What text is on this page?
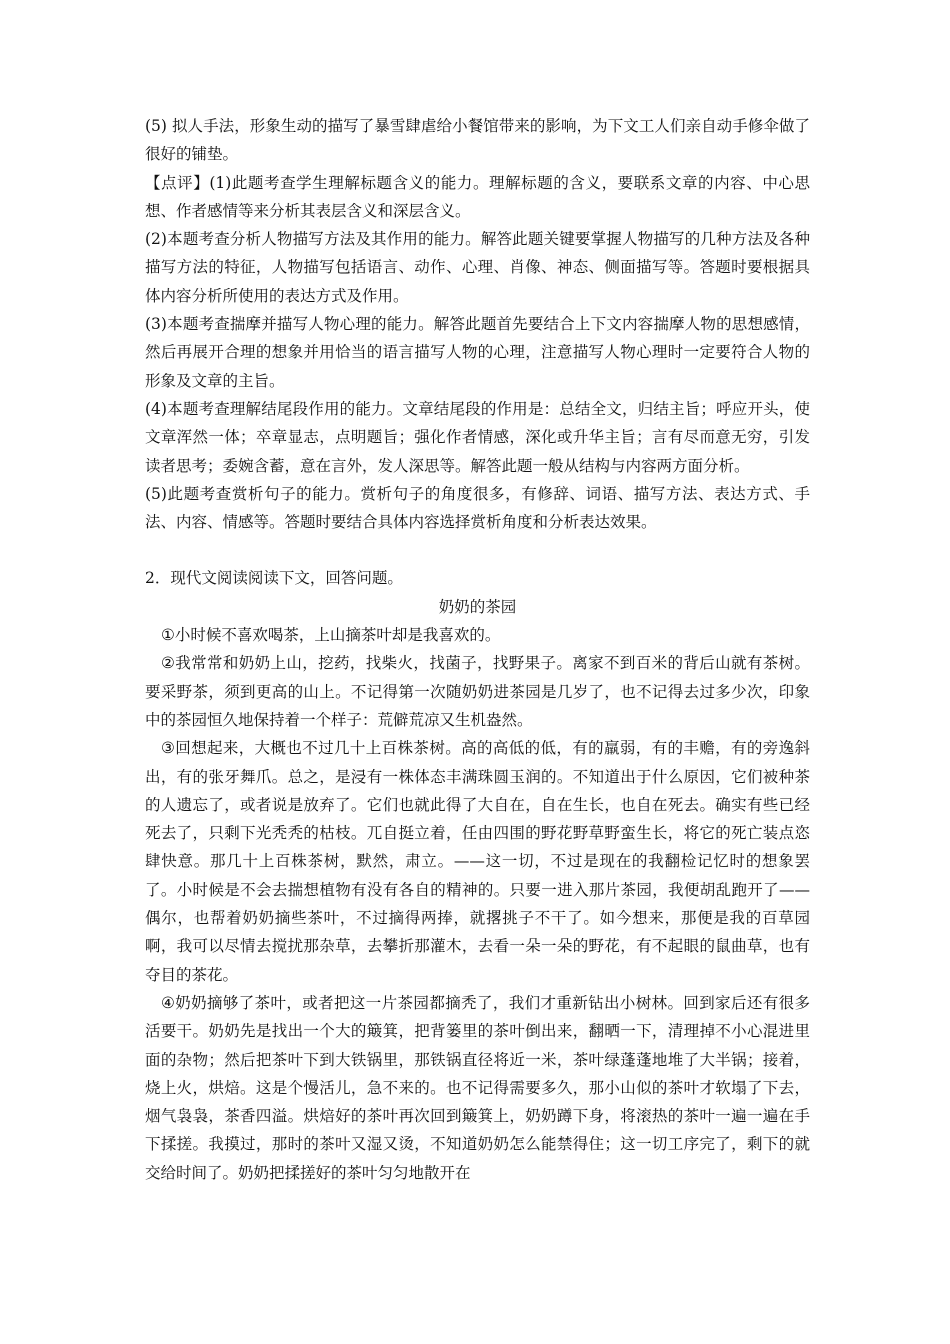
(5) 拟人手法，形象生动的描写了暴雪肆虐给小餐馆带来的影响，为下文工人们亲自动手修伞做了很好的铺垫。

【点评】(1)此题考查学生理解标题含义的能力。理解标题的含义，要联系文章的内容、中心思想、作者感情等来分析其表层含义和深层含义。

(2)本题考查分析人物描写方法及其作用的能力。解答此题关键要掌握人物描写的几种方法及各种描写方法的特征，人物描写包括语言、动作、心理、肖像、神态、侧面描写等。答题时要根据具体内容分析所使用的表达方式及作用。

(3)本题考查揣摩并描写人物心理的能力。解答此题首先要结合上下文内容揣摩人物的思想感情，然后再展开合理的想象并用恰当的语言描写人物的心理，注意描写人物心理时一定要符合人物的形象及文章的主旨。

(4)本题考查理解结尾段作用的能力。文章结尾段的作用是：总结全文，归结主旨；呼应开头，使文章浑然一体；卒章显志，点明题旨；强化作者情感，深化或升华主旨；言有尽而意无穷，引发读者思考；委婉含蓄，意在言外，发人深思等。解答此题一般从结构与内容两方面分析。

(5)此题考查赏析句子的能力。赏析句子的角度很多，有修辞、词语、描写方法、表达方式、手法、内容、情感等。答题时要结合具体内容选择赏析角度和分析表达效果。

2．现代文阅读阅读下文，回答问题。

奶奶的茶园

①小时候不喜欢喝茶，上山摘茶叶却是我喜欢的。

②我常常和奶奶上山，挖药，找柴火，找菌子，找野果子。离家不到百米的背后山就有茶树。要采野茶，须到更高的山上。不记得第一次随奶奶进茶园是几岁了，也不记得去过多少次，印象中的茶园恒久地保持着一个样子：荒僻荒凉又生机盎然。

③回想起来，大概也不过几十上百株茶树。高的高低的低，有的羸弱，有的丰赡，有的旁逸斜出，有的张牙舞爪。总之，是浸有一株体态丰满珠圆玉润的。不知道出于什么原因，它们被种茶的人遗忘了，或者说是放弃了。它们也就此得了大自在，自在生长，也自在死去。确实有些已经死去了，只剩下光秃秃的枯枝。兀自挺立着，任由四围的野花野草野蛮生长，将它的死亡装点恣肆快意。那几十上百株茶树，默然，肃立。——这一切，不过是现在的我翻检记忆时的想象罢了。小时候是不会去揣想植物有没有各自的精神的。只要一进入那片茶园，我便胡乱跑开了——偶尔，也帮着奶奶摘些茶叶，不过摘得两捧，就撂挑子不干了。如今想来，那便是我的百草园啊，我可以尽情去搅扰那杂草，去攀折那灌木，去看一朵一朵的野花，有不起眼的鼠曲草，也有夺目的茶花。

④奶奶摘够了茶叶，或者把这一片茶园都摘秃了，我们才重新钻出小树林。回到家后还有很多活要干。奶奶先是找出一个大的簸箕，把背篓里的茶叶倒出来，翻晒一下，清理掉不小心混进里面的杂物；然后把茶叶下到大铁锅里，那铁锅直径将近一米，茶叶绿蓬蓬地堆了大半锅；接着，烧上火，烘焙。这是个慢活儿，急不来的。也不记得需要多久，那小山似的茶叶才软塌了下去，烟气袅袅，茶香四溢。烘焙好的茶叶再次回到簸箕上，奶奶蹲下身，将滚热的茶叶一遍一遍在手下揉搓。我摸过，那时的茶叶又湿又烫，不知道奶奶怎么能禁得住；这一切工序完了，剩下的就交给时间了。奶奶把揉搓好的茶叶匀匀地散开在
